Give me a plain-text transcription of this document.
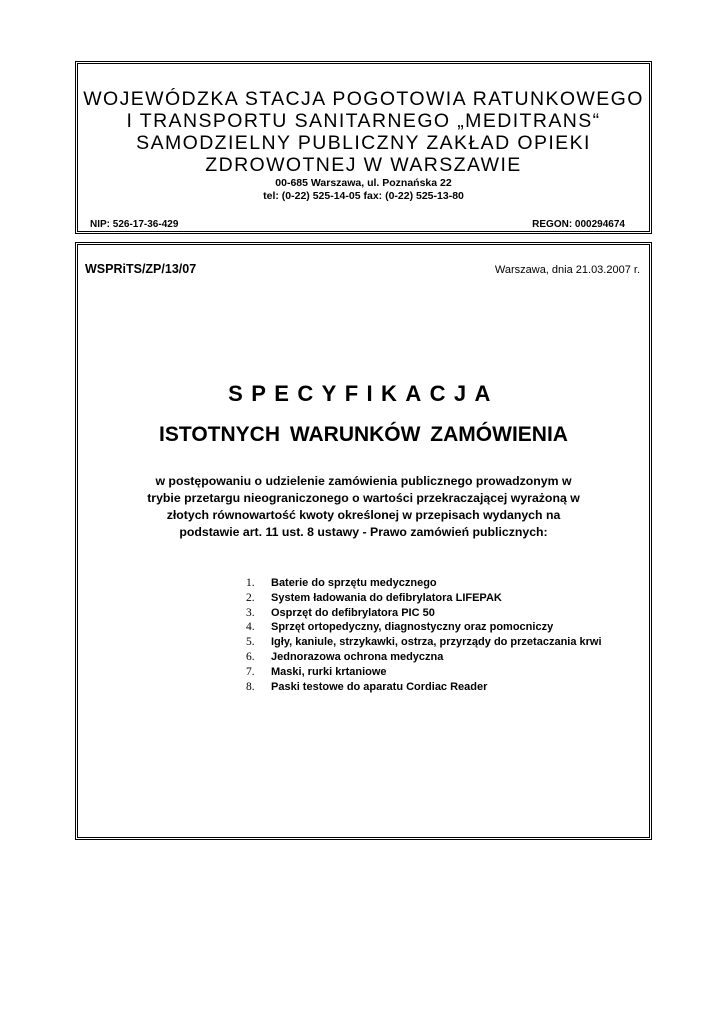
WOJEWÓDZKA STACJA POGOTOWIA RATUNKOWEGO
I TRANSPORTU SANITARNEGO „MEDITRANS“
SAMODZIELNY PUBLICZNY ZAKŁAD OPIEKI
ZDROWOTNEJ W WARSZAWIE
00-685 Warszawa, ul. Poznańska 22
tel: (0-22) 525-14-05 fax: (0-22) 525-13-80
NIP: 526-17-36-429	REGON: 000294674
WSPRiTS/ZP/13/07	Warszawa, dnia 21.03.2007 r.
SPECYFIKACJA
ISTOTNYCH WARUNKÓW ZAMÓWIENIA
w postępowaniu o udzielenie zamówienia publicznego prowadzonym w
trybie przetargu nieograniczonego o wartości przekraczającej wyrażoną w
złotych równowartość kwoty określonej w przepisach wydanych na
podstawie art. 11 ust. 8 ustawy - Prawo zamówień publicznych:
1.	Baterie do sprzętu medycznego
2.	System ładowania do defibrylatora LIFEPAK
3.	Osprzęt do defibrylatora PIC 50
4.	Sprzęt ortopedyczny, diagnostyczny oraz pomocniczy
5.	Igły, kaniule, strzykawki, ostrza, przyrządy do przetaczania krwi
6.	Jednorazowa ochrona medyczna
7.	Maski, rurki krtaniowe
8.	Paski testowe do aparatu Cordiac Reader
